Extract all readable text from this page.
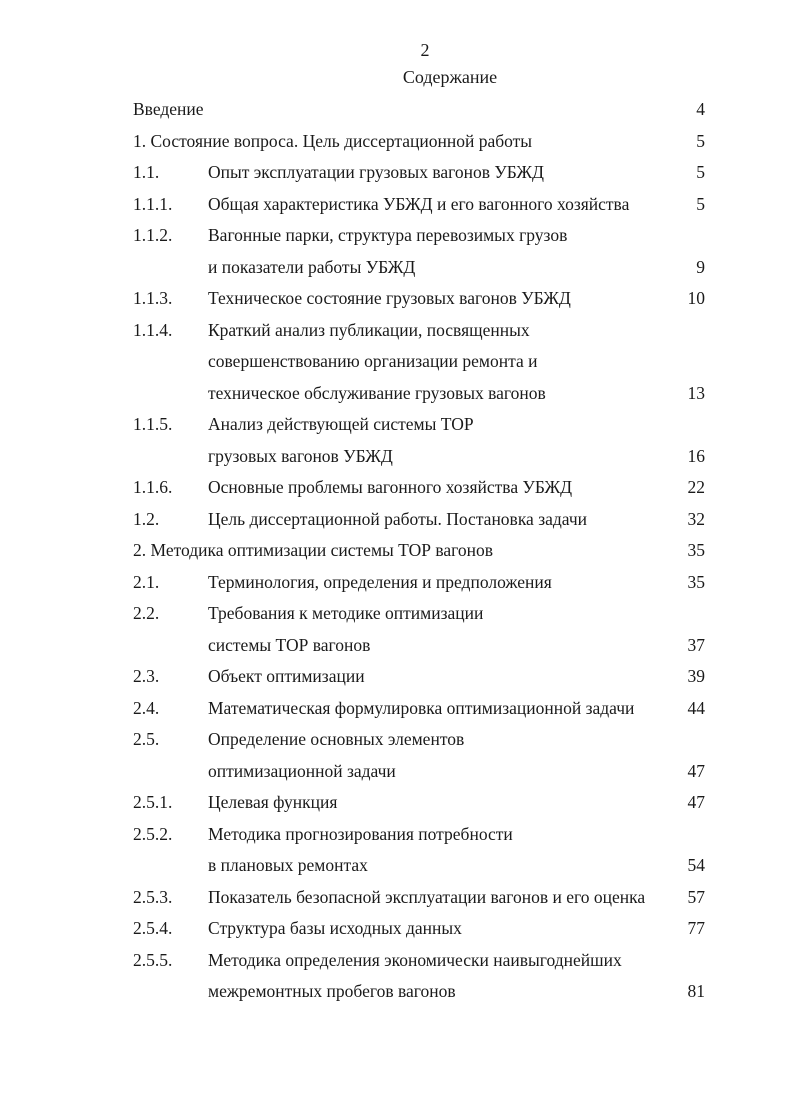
2
Содержание
Введение	4
1. Состояние вопроса. Цель диссертационной работы	5
1.1.	Опыт эксплуатации грузовых вагонов УБЖД	5
1.1.1. Общая характеристика УБЖД и его вагонного хозяйства	5
1.1.2. Вагонные парки, структура перевозимых грузов
и показатели работы УБЖД	9
1.1.3. Техническое состояние грузовых вагонов УБЖД	10
1.1.4. Краткий анализ публикации, посвященных
совершенствованию организации ремонта и
техническое обслуживание грузовых вагонов	13
1.1.5. Анализ действующей системы ТОР
грузовых вагонов УБЖД	16
1.1.6. Основные проблемы вагонного хозяйства УБЖД	22
1.2.	Цель диссертационной работы. Постановка задачи	32
2. Методика оптимизации системы ТОР вагонов	35
2.1.	Терминология, определения и предположения	35
2.2.	Требования к методике оптимизации
системы ТОР вагонов	37
2.3.	Объект оптимизации	39
2.4.	Математическая формулировка оптимизационной задачи	44
2.5.	Определение основных элементов
оптимизационной задачи	47
2.5.1. Целевая функция	47
2.5.2. Методика прогнозирования потребности
в плановых ремонтах	54
2.5.3. Показатель безопасной эксплуатации вагонов и его оценка	57
2.5.4. Структура базы исходных данных	77
2.5.5. Методика определения экономически наивыгоднейших
межремонтных пробегов вагонов	81
